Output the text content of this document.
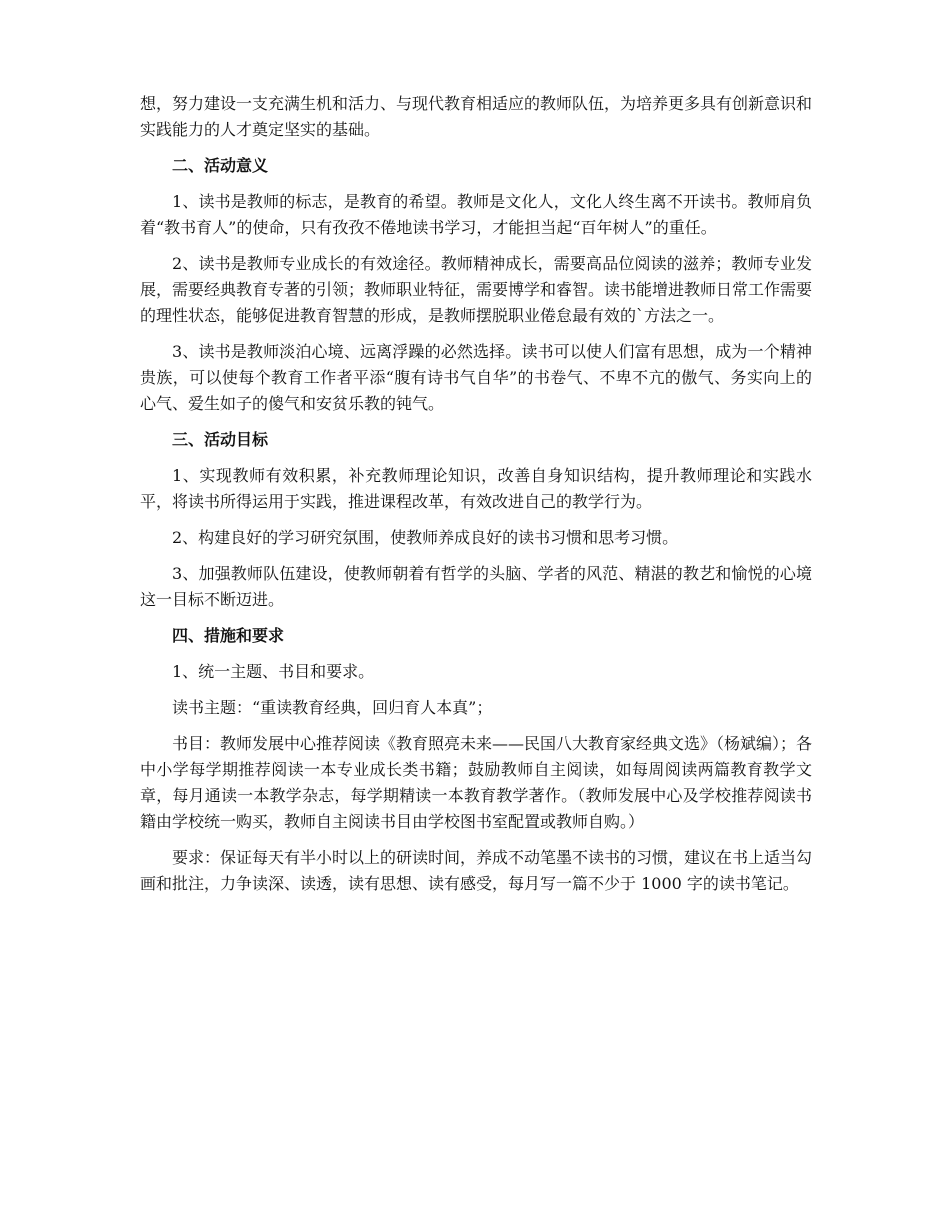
想，努力建设一支充满生机和活力、与现代教育相适应的教师队伍，为培养更多具有创新意识和实践能力的人才奠定坚实的基础。

二、活动意义

1、读书是教师的标志，是教育的希望。教师是文化人，文化人终生离不开读书。教师肩负着“教书育人”的使命，只有孜孜不倦地读书学习，才能担当起“百年树人”的重任。

2、读书是教师专业成长的有效途径。教师精神成长，需要高品位阅读的滋养；教师专业发展，需要经典教育专著的引领；教师职业特征，需要博学和睿智。读书能增进教师日常工作需要的理性状态，能够促进教育智慧的形成，是教师摆脱职业倦怠最有效的`方法之一。

3、读书是教师淡泊心境、远离浮躁的必然选择。读书可以使人们富有思想，成为一个精神贵族，可以使每个教育工作者平添“腹有诗书气自华”的书卷气、不卑不亢的傲气、务实向上的心气、爱生如子的傻气和安贫乐教的钝气。

三、活动目标

1、实现教师有效积累，补充教师理论知识，改善自身知识结构，提升教师理论和实践水平，将读书所得运用于实践，推进课程改革，有效改进自己的教学行为。

2、构建良好的学习研究氛围，使教师养成良好的读书习惯和思考习惯。

3、加强教师队伍建设，使教师朝着有哲学的头脑、学者的风范、精湛的教艺和愉悦的心境这一目标不断迈进。

四、措施和要求

1、统一主题、书目和要求。

读书主题：“重读教育经典，回归育人本真”；

书目：教师发展中心推荐阅读《教育照亮未来——民国八大教育家经典文选》（杨斌编）；各中小学每学期推荐阅读一本专业成长类书籍；鼓励教师自主阅读，如每周阅读两篇教育教学文章，每月通读一本教学杂志，每学期精读一本教育教学著作。（教师发展中心及学校推荐阅读书籍由学校统一购买，教师自主阅读书目由学校图书室配置或教师自购。）

要求：保证每天有半小时以上的研读时间，养成不动笔墨不读书的习惯，建议在书上适当勾画和批注，力争读深、读透，读有思想、读有感受，每月写一篇不少于 1000 字的读书笔记。
